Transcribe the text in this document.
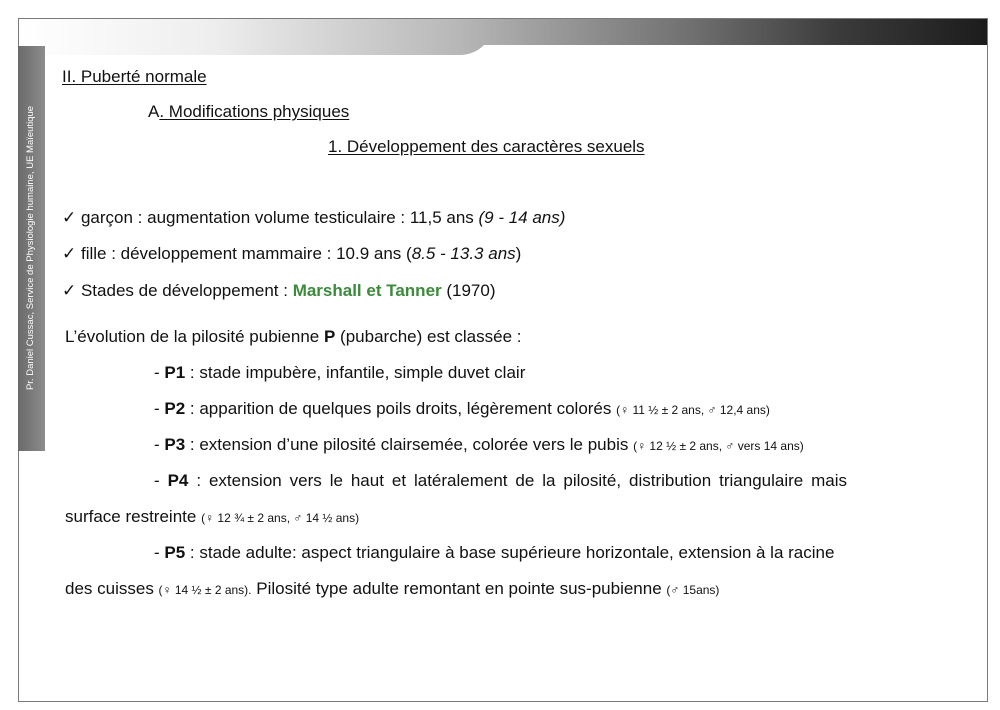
Pr. Daniel Cussac, Service de Physiologie humaine, UE Maïeutique
II. Puberté normale
A. Modifications physiques
1. Développement des caractères sexuels
✓ garçon : augmentation volume testiculaire : 11,5 ans (9 - 14 ans)
✓ fille : développement mammaire : 10.9 ans (8.5 - 13.3 ans)
✓ Stades de développement : Marshall et Tanner (1970)
L’évolution de la pilosité pubienne P (pubarche) est classée :
- P1 : stade impubère, infantile, simple duvet clair
- P2 : apparition de quelques poils droits, légèrement colorés (♀ 11 ½ ± 2 ans, ♂ 12,4 ans)
- P3 : extension d’une pilosité clairsemée, colorée vers le pubis (♀ 12 ½ ± 2 ans, ♂ vers 14 ans)
- P4 : extension vers le haut et latéralement de la pilosité, distribution triangulaire mais
surface restreinte (♀ 12 ¾ ± 2 ans, ♂ 14 ½ ans)
- P5 : stade adulte: aspect triangulaire à base supérieure horizontale, extension à la racine
des cuisses (♀ 14 ½ ± 2 ans). Pilosité type adulte remontant en pointe sus-pubienne (♂ 15ans)
